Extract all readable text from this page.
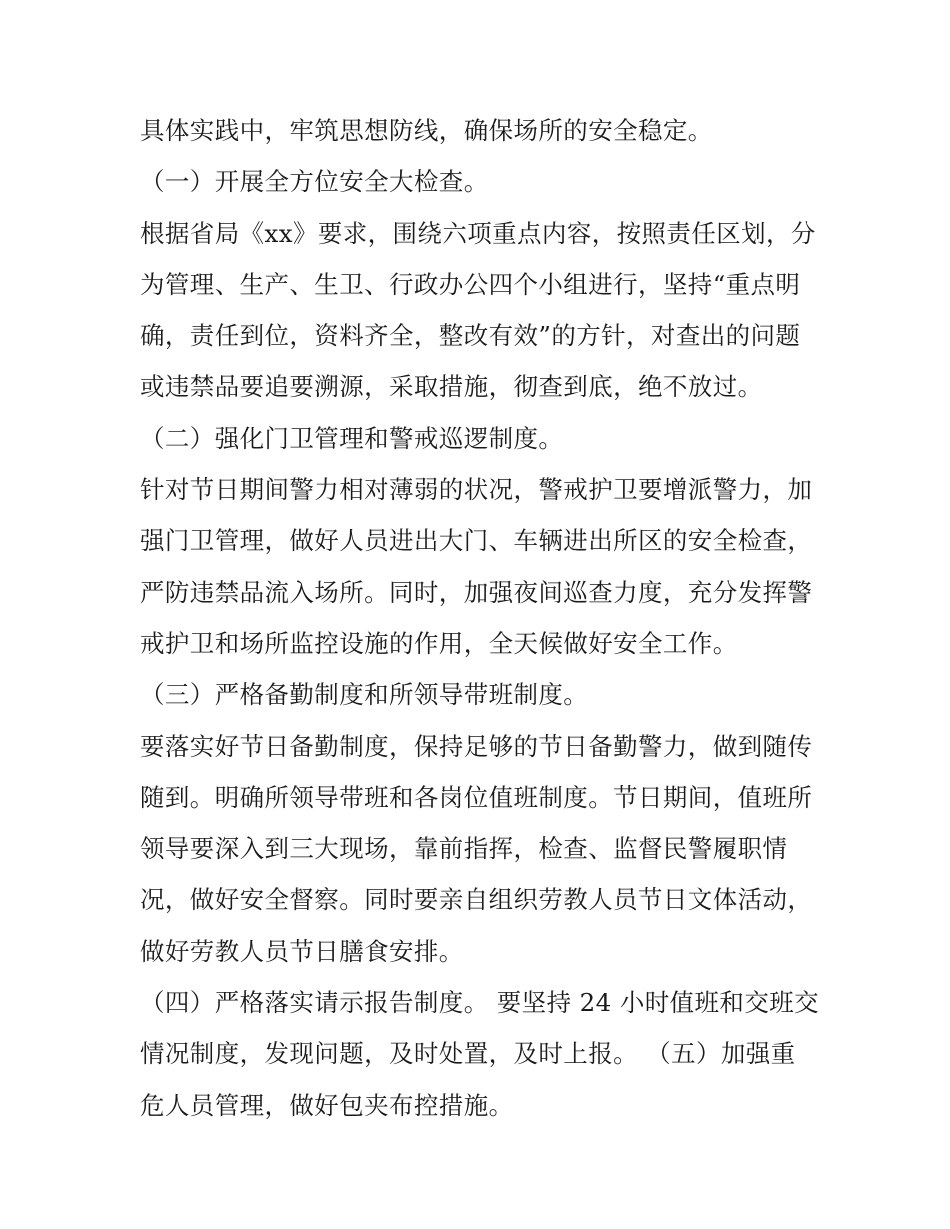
具体实践中，牢筑思想防线，确保场所的安全稳定。

（一）开展全方位安全大检查。

根据省局《xx》要求，围绕六项重点内容，按照责任区划，分

为管理、生产、生卫、行政办公四个小组进行，坚持“重点明

确，责任到位，资料齐全，整改有效”的方针，对查出的问题

或违禁品要追要溯源，采取措施，彻查到底，绝不放过。

（二）强化门卫管理和警戒巡逻制度。

针对节日期间警力相对薄弱的状况，警戒护卫要增派警力，加

强门卫管理，做好人员进出大门、车辆进出所区的安全检查，

严防违禁品流入场所。同时，加强夜间巡查力度，充分发挥警

戒护卫和场所监控设施的作用，全天候做好安全工作。

（三）严格备勤制度和所领导带班制度。

要落实好节日备勤制度，保持足够的节日备勤警力，做到随传

随到。明确所领导带班和各岗位值班制度。节日期间，值班所

领导要深入到三大现场，靠前指挥，检查、监督民警履职情

况，做好安全督察。同时要亲自组织劳教人员节日文体活动，

做好劳教人员节日膳食安排。

（四）严格落实请示报告制度。 要坚持 24 小时值班和交班交

情况制度，发现问题，及时处置，及时上报。 （五）加强重

危人员管理，做好包夹布控措施。
